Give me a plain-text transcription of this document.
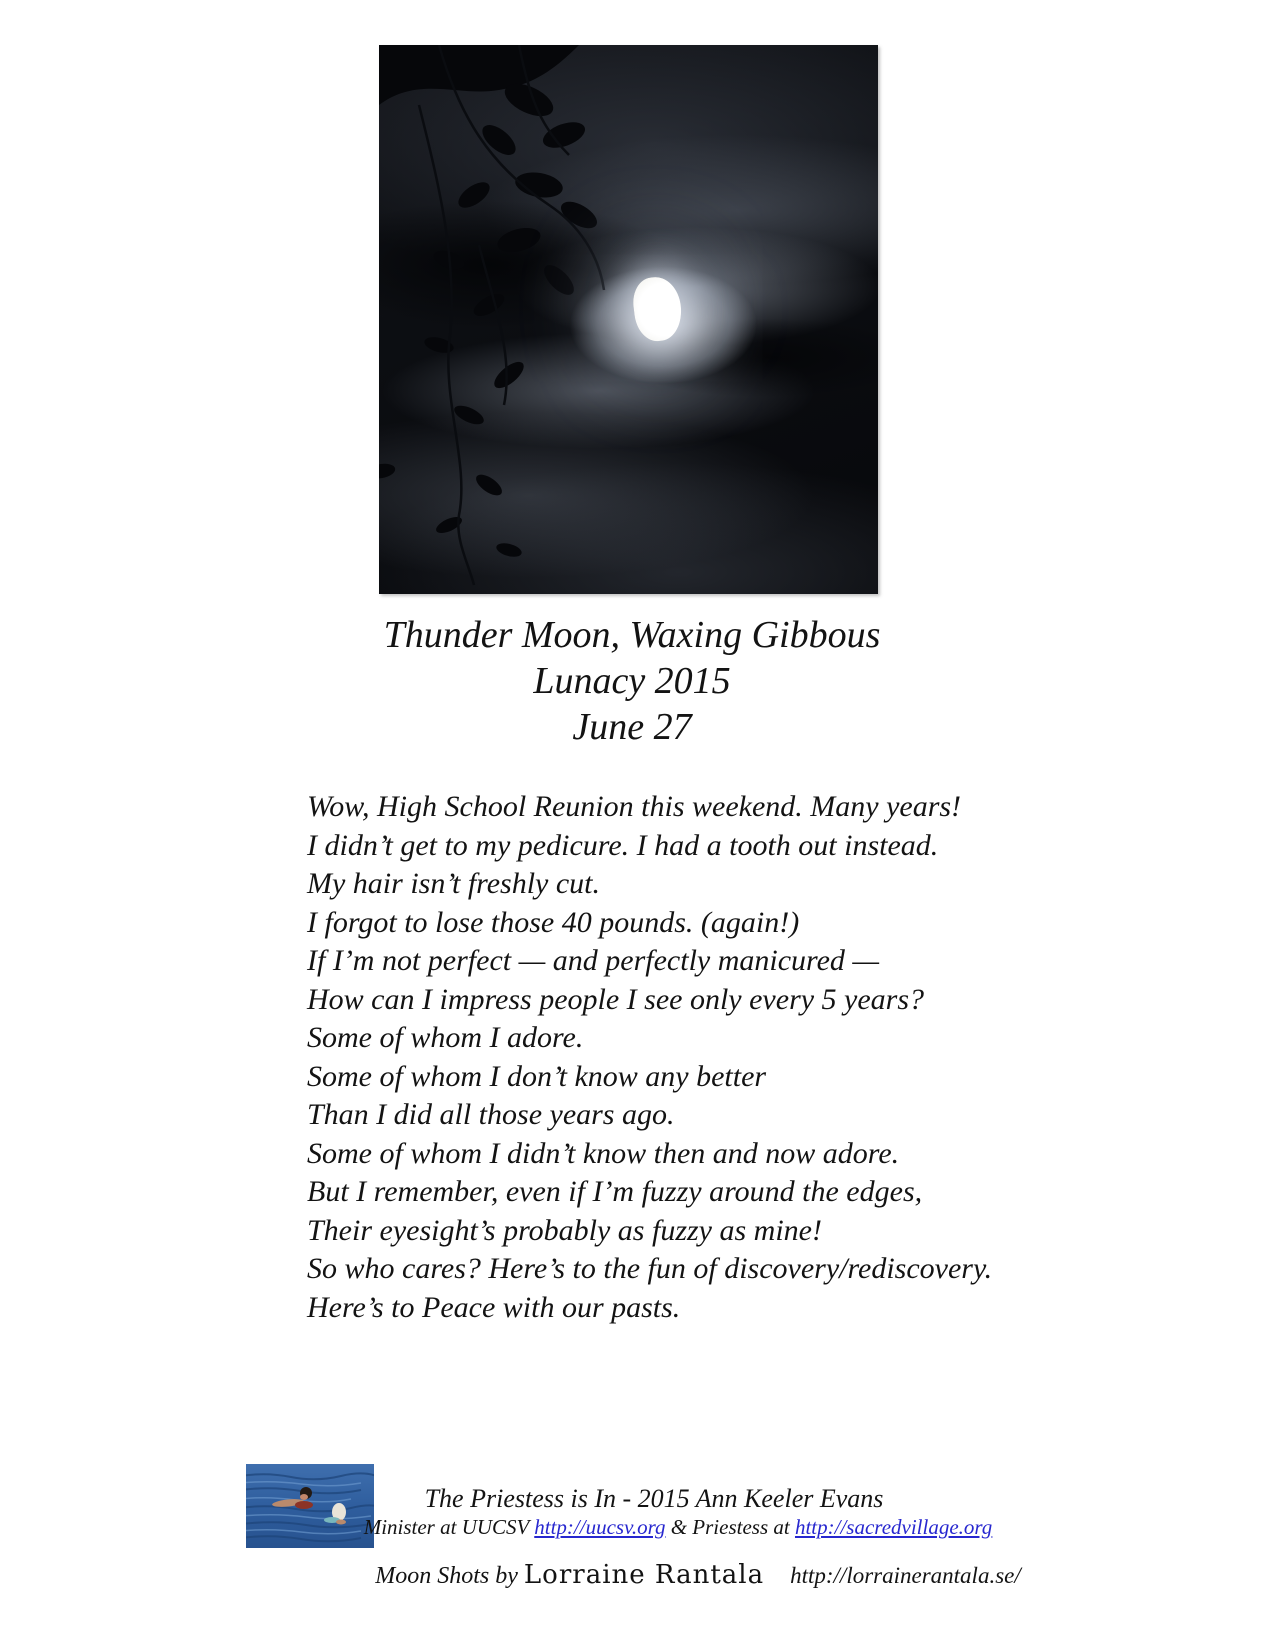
Thunder Moon, Waxing Gibbous
Lunacy 2015
June 27
Wow, High School Reunion this weekend. Many years!
I didn’t get to my pedicure. I had a tooth out instead.
My hair isn’t freshly cut.
I forgot to lose those 40 pounds. (again!)
If I’m not perfect — and perfectly manicured —
How can I impress people I see only every 5 years?
Some of whom I adore.
Some of whom I don’t know any better
Than I did all those years ago.
Some of whom I didn’t know then and now adore.
But I remember, even if I’m fuzzy around the edges,
Their eyesight’s probably as fuzzy as mine!
So who cares? Here’s to the fun of discovery/rediscovery.
Here’s to Peace with our pasts.
The Priestess is In - 2015 Ann Keeler Evans
Minister at UUCSV http://uucsv.org & Priestess at http://sacredvillage.org
Moon Shots by Lorraine Rantala http://lorrainerantala.se/
